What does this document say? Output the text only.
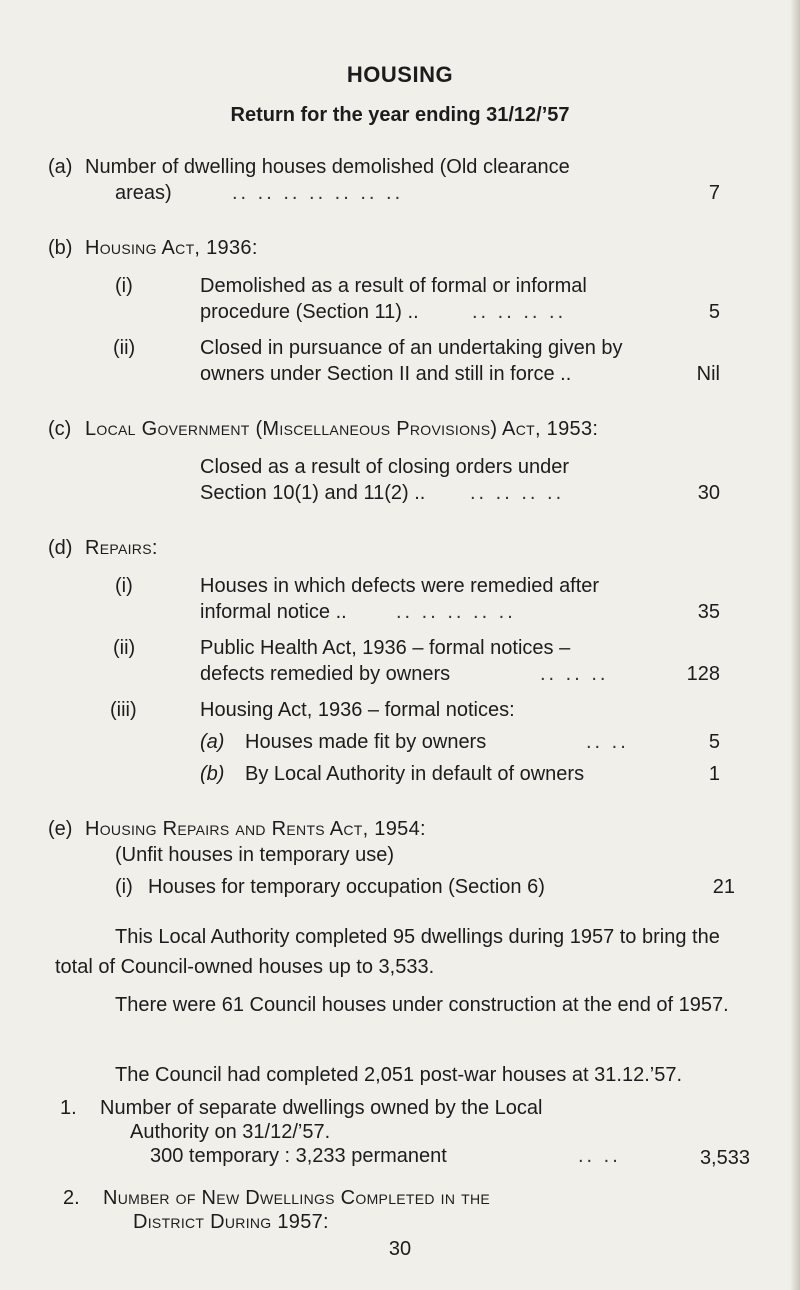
HOUSING
Return for the year ending 31/12/’57
(a) Number of dwelling houses demolished (Old clearance
areas)	.. .. .. .. .. .. ..	7
(b) Housing Act, 1936:
(i)	Demolished as a result of formal or informal
procedure (Section 11) ..	.. .. .. ..	5
(ii)	Closed in pursuance of an undertaking given by
owners under Section II and still in force ..	Nil
(c) Local Government (Miscellaneous Provisions) Act, 1953:
Closed as a result of closing orders under
Section 10(1) and 11(2) .. .. .. .. ..	30
(d) Repairs:
(i)	Houses in which defects were remedied after
informal notice .. .. .. .. .. ..	35
(ii)	Public Health Act, 1936 – formal notices –
defects remedied by owners	.. .. ..	128
(iii)	Housing Act, 1936 – formal notices:
(a) Houses made fit by owners	.. ..	5
(b) By Local Authority in default of owners	1
(e) Housing Repairs and Rents Act, 1954:
(Unfit houses in temporary use)
(i) Houses for temporary occupation (Section 6)	21
This Local Authority completed 95 dwellings during 1957 to bring the total of Council-owned houses up to 3,533.
There were 61 Council houses under construction at the end of 1957.
The Council had completed 2,051 post-war houses at 31.12.’57.
1. Number of separate dwellings owned by the Local
Authority on 31/12/’57.
300 temporary : 3,233 permanent	.. ..	3,533
2. Number of New Dwellings Completed in the
District During 1957:
30
